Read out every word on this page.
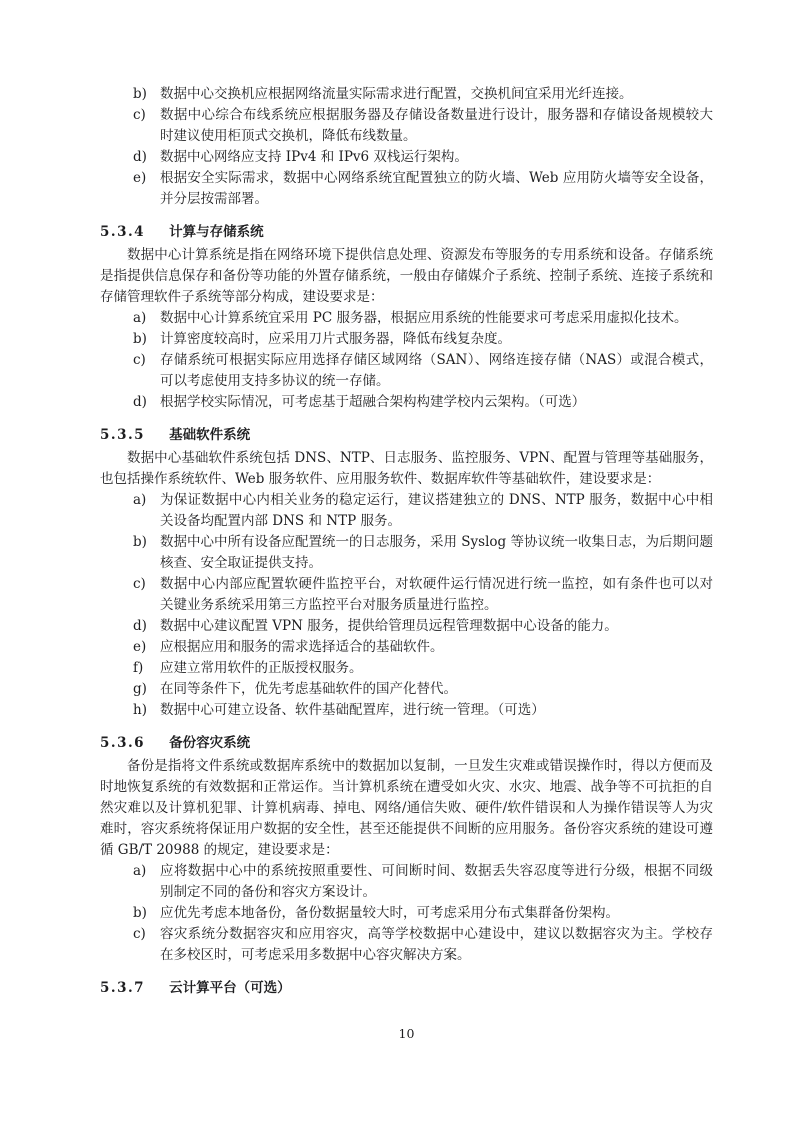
b) 数据中心交换机应根据网络流量实际需求进行配置，交换机间宜采用光纤连接。
c) 数据中心综合布线系统应根据服务器及存储设备数量进行设计，服务器和存储设备规模较大时建议使用柜顶式交换机，降低布线数量。
d) 数据中心网络应支持 IPv4 和 IPv6 双栈运行架构。
e) 根据安全实际需求，数据中心网络系统宜配置独立的防火墙、Web 应用防火墙等安全设备，并分层按需部署。
5.3.4 计算与存储系统

数据中心计算系统是指在网络环境下提供信息处理、资源发布等服务的专用系统和设备。存储系统是指提供信息保存和备份等功能的外置存储系统，一般由存储媒介子系统、控制子系统、连接子系统和存储管理软件子系统等部分构成，建设要求是：

a) 数据中心计算系统宜采用 PC 服务器，根据应用系统的性能要求可考虑采用虚拟化技术。
b) 计算密度较高时，应采用刀片式服务器，降低布线复杂度。
c) 存储系统可根据实际应用选择存储区域网络（SAN）、网络连接存储（NAS）或混合模式，可以考虑使用支持多协议的统一存储。
d) 根据学校实际情况，可考虑基于超融合架构构建学校内云架构。（可选）
5.3.5 基础软件系统

数据中心基础软件系统包括 DNS、NTP、日志服务、监控服务、VPN、配置与管理等基础服务，也包括操作系统软件、Web 服务软件、应用服务软件、数据库软件等基础软件，建设要求是：

a) 为保证数据中心内相关业务的稳定运行，建议搭建独立的 DNS、NTP 服务，数据中心中相关设备均配置内部 DNS 和 NTP 服务。
b) 数据中心中所有设备应配置统一的日志服务，采用 Syslog 等协议统一收集日志，为后期问题核查、安全取证提供支持。
c) 数据中心内部应配置软硬件监控平台，对软硬件运行情况进行统一监控，如有条件也可以对关键业务系统采用第三方监控平台对服务质量进行监控。
d) 数据中心建议配置 VPN 服务，提供给管理员远程管理数据中心设备的能力。
e) 应根据应用和服务的需求选择适合的基础软件。
f) 应建立常用软件的正版授权服务。
g) 在同等条件下，优先考虑基础软件的国产化替代。
h) 数据中心可建立设备、软件基础配置库，进行统一管理。（可选）
5.3.6 备份容灾系统

备份是指将文件系统或数据库系统中的数据加以复制，一旦发生灾难或错误操作时，得以方便而及时地恢复系统的有效数据和正常运作。当计算机系统在遭受如火灾、水灾、地震、战争等不可抗拒的自然灾难以及计算机犯罪、计算机病毒、掉电、网络/通信失败、硬件/软件错误和人为操作错误等人为灾难时，容灾系统将保证用户数据的安全性，甚至还能提供不间断的应用服务。备份容灾系统的建设可遵循 GB/T 20988 的规定，建设要求是：

a) 应将数据中心中的系统按照重要性、可间断时间、数据丢失容忍度等进行分级，根据不同级别制定不同的备份和容灾方案设计。
b) 应优先考虑本地备份，备份数据量较大时，可考虑采用分布式集群备份架构。
c) 容灾系统分数据容灾和应用容灾，高等学校数据中心建设中，建议以数据容灾为主。学校存在多校区时，可考虑采用多数据中心容灾解决方案。
5.3.7 云计算平台（可选）
10
